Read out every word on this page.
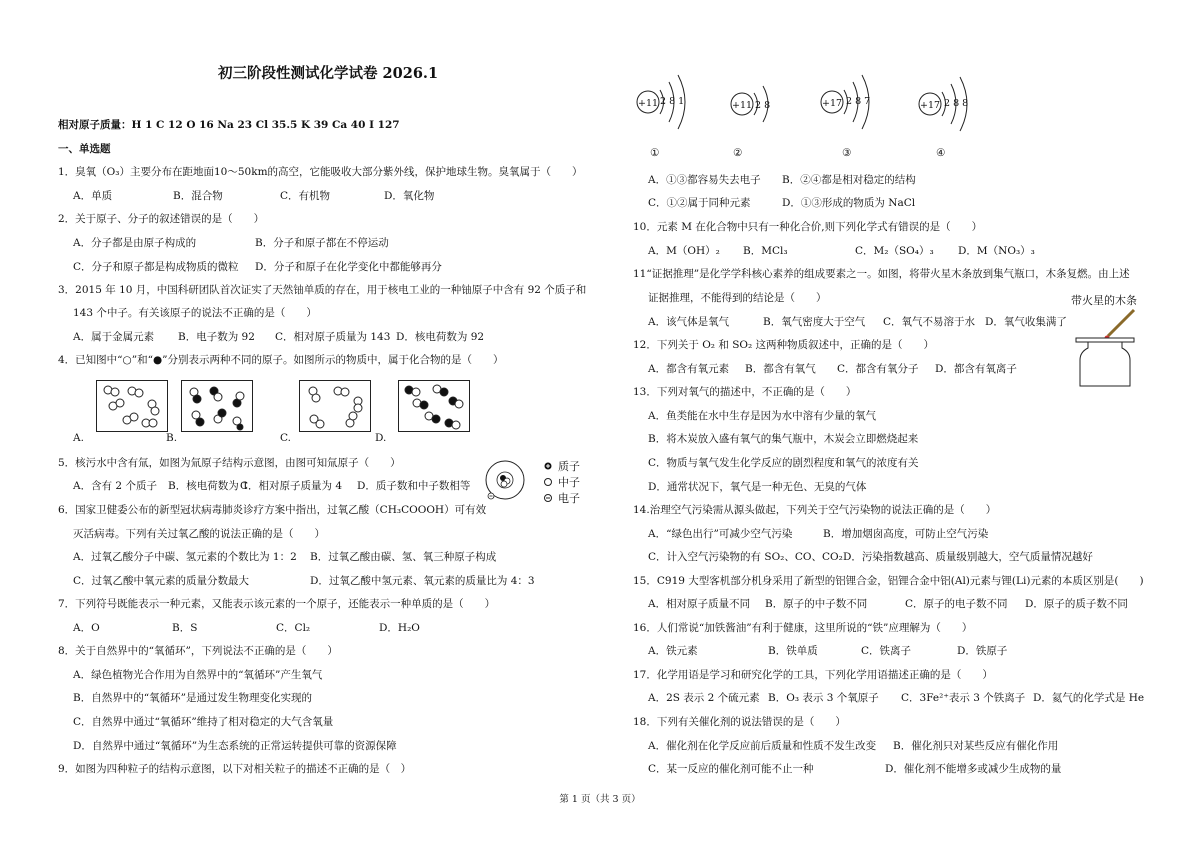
初三阶段性测试化学试卷 2026.1
相对原子质量：H 1 C 12 O 16 Na 23 Cl 35.5 K 39 Ca 40 I 127
一、单选题
1．臭氧（O₃）主要分布在距地面10～50km的高空，它能吸收大部分紫外线，保护地球生物。臭氧属于（　　）
A．单质	B．混合物	C．有机物	D．氧化物
2．关于原子、分子的叙述错误的是（　　）
A．分子都是由原子构成的	B．分子和原子都在不停运动
C．分子和原子都是构成物质的微粒 D．分子和原子在化学变化中都能够再分
3．2015 年 10 月，中国科研团队首次证实了天然铀单质的存在，用于核电工业的一种铀原子中含有 92 个质子和
143 个中子。有关该原子的说法不正确的是（　　）
A．属于金属元素 B．电子数为 92 C．相对原子质量为 143 D．核电荷数为 92
4．已知图中“○”和“●”分别表示两种不同的原子。如图所示的物质中，属于化合物的是（　　）
A.	B.	C.	D.
5．核污水中含有氚，如图为氚原子结构示意图，由图可知氚原子（　　）
A．含有 2 个质子 B．核电荷数为 1
C．相对原子质量为 4 D．质子数和中子数相等
质子
中子
电子
6．国家卫健委公布的新型冠状病毒肺炎诊疗方案中指出，过氧乙酸（CH₃COOOH）可有效
灭活病毒。下列有关过氧乙酸的说法正确的是（　　）
A．过氧乙酸分子中碳、氢元素的个数比为 1：2 B．过氧乙酸由碳、氢、氧三种原子构成
C．过氧乙酸中氧元素的质量分数最大	D．过氧乙酸中氢元素、氧元素的质量比为 4：3
7．下列符号既能表示一种元素，又能表示该元素的一个原子，还能表示一种单质的是（　　）
A．O	B．S	C．Cl₂	D．H₂O
8．关于自然界中的“氧循环”，下列说法不正确的是（　　）
A．绿色植物光合作用为自然界中的“氧循环”产生氧气
B．自然界中的“氧循环”是通过发生物理变化实现的
C．自然界中通过“氧循环”维持了相对稳定的大气含氧量
D．自然界中通过“氧循环”为生态系统的正常运转提供可靠的资源保障
9．如图为四种粒子的结构示意图，以下对相关粒子的描述不正确的是（　）
+11 2 8 1
①
+11 2 8
②
+17 2 8 7
③
+17 2 8 8
④
A．①③都容易失去电子 B．②④都是相对稳定的结构
C．①②属于同种元素	D．①③形成的物质为 NaCl
10．元素 M 在化合物中只有一种化合价,则下列化学式有错误的是（　　）
A．M（OH）₂ B．MCl₃	C．M₂（SO₄）₃ D．M（NO₃）₃
11“证据推理”是化学学科核心素养的组成要素之一。如图，将带火星木条放到集气瓶口，木条复燃。由上述
证据推理，不能得到的结论是（　　）	带火星的木条
A．该气体是氧气	B．氧气密度大于空气 C．氧气不易溶于水 D．氧气收集满了
12．下列关于 O₂ 和 SO₂ 这两种物质叙述中，正确的是（　　）
A．都含有氧元素 B．都含有氧气 C．都含有氧分子 D．都含有氧离子
13．下列对氧气的描述中，不正确的是（　　）
A．鱼类能在水中生存是因为水中溶有少量的氧气
B．将木炭放入盛有氧气的集气瓶中，木炭会立即燃烧起来
C．物质与氧气发生化学反应的剧烈程度和氧气的浓度有关
D．通常状况下，氧气是一种无色、无臭的气体
14.治理空气污染需从源头做起，下列关于空气污染物的说法正确的是（　　）
A．“绿色出行”可减少空气污染	B．增加烟囱高度，可防止空气污染
C．计入空气污染物的有 SO₂、CO、CO₂ D．污染指数越高、质量级别越大，空气质量情况越好
15．C919 大型客机部分机身采用了新型的铝锂合金，铝锂合金中铝(Al)元素与锂(Li)元素的本质区别是(　　)
A．相对原子质量不同 B．原子的中子数不同	C．原子的电子数不同 D．原子的质子数不同
16．人们常说“加铁酱油”有利于健康，这里所说的“铁”应理解为（　　）
A．铁元素	B．铁单质	C．铁离子	D．铁原子
17．化学用语是学习和研究化学的工具，下列化学用语描述正确的是（　　）
A．2S 表示 2 个硫元素 B．O₃ 表示 3 个氧原子 C．3Fe²⁺表示 3 个铁离子 D．氦气的化学式是 He
18．下列有关催化剂的说法错误的是（　　）
A．催化剂在化学反应前后质量和性质不发生改变 B．催化剂只对某些反应有催化作用
C．某一反应的催化剂可能不止一种	D．催化剂不能增多或减少生成物的量
第 1 页（共 3 页）
